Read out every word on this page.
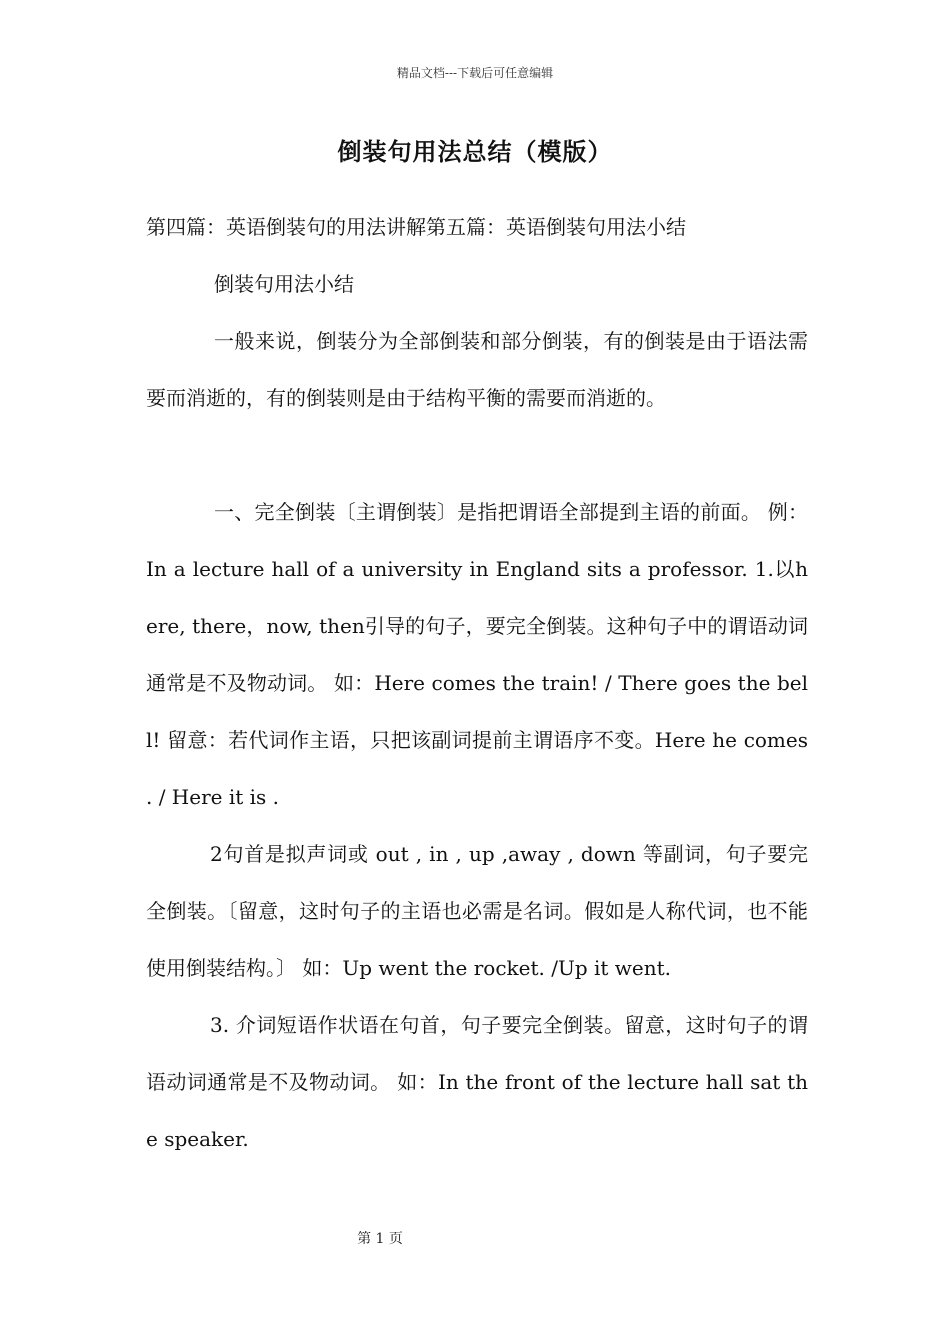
精品文档---下载后可任意编辑
倒装句用法总结（模版）

第四篇：英语倒装句的用法讲解第五篇：英语倒装句用法小结

倒装句用法小结

一般来说，倒装分为全部倒装和部分倒装，有的倒装是由于语法需要而消逝的，有的倒装则是由于结构平衡的需要而消逝的。

一、完全倒装〔主谓倒装〕是指把谓语全部提到主语的前面。 例：In a lecture hall of a university in England sits a professor. 1.以here, there，now, then引导的句子，要完全倒装。这种句子中的谓语动词通常是不及物动词。 如：Here comes the train! / There goes the bell! 留意：若代词作主语，只把该副词提前主谓语序不变。Here he comes . / Here it is .

2句首是拟声词或 out , in , up ,away , down 等副词，句子要完全倒装。〔留意，这时句子的主语也必需是名词。假如是人称代词，也不能使用倒装结构。〕 如：Up went the rocket. /Up it went.

3. 介词短语作状语在句首，句子要完全倒装。留意，这时句子的谓语动词通常是不及物动词。 如：In the front of the lecture hall sat the speaker.

第 1 页
